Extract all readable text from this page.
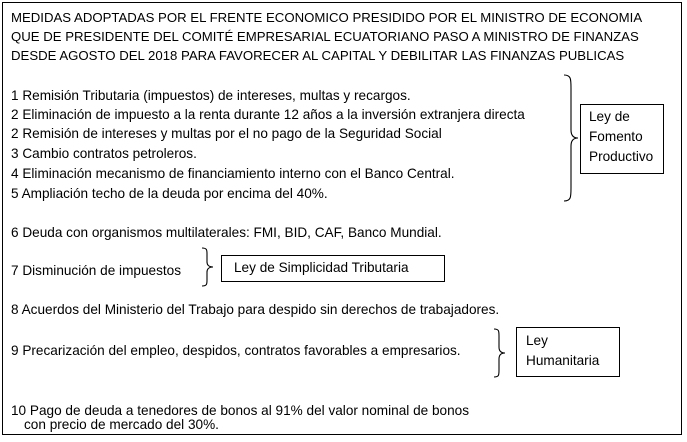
MEDIDAS ADOPTADAS POR EL FRENTE ECONOMICO PRESIDIDO POR EL MINISTRO DE ECONOMIA
QUE DE PRESIDENTE DEL COMITÉ EMPRESARIAL ECUATORIANO PASO A MINISTRO DE FINANZAS
DESDE AGOSTO DEL 2018 PARA FAVORECER AL CAPITAL Y DEBILITAR LAS FINANZAS PUBLICAS
1 Remisión Tributaria (impuestos) de intereses, multas y recargos.
2 Eliminación de impuesto a la renta durante 12 años a la inversión extranjera directa
2 Remisión de intereses y multas por el no pago de la Seguridad Social
3 Cambio contratos petroleros.
4 Eliminación mecanismo de financiamiento interno con el Banco Central.
5 Ampliación techo de la deuda por encima del 40%.
Ley de
Fomento
Productivo
6 Deuda con organismos multilaterales: FMI, BID, CAF, Banco Mundial.
7 Disminución de impuestos	Ley de Simplicidad Tributaria
8 Acuerdos del Ministerio del Trabajo para despido sin derechos de trabajadores.
9 Precarización del empleo, despidos, contratos favorables a empresarios.
Ley
Humanitaria
10 Pago de deuda a tenedores de bonos al 91% del valor nominal de bonos
con precio de mercado del 30%.
